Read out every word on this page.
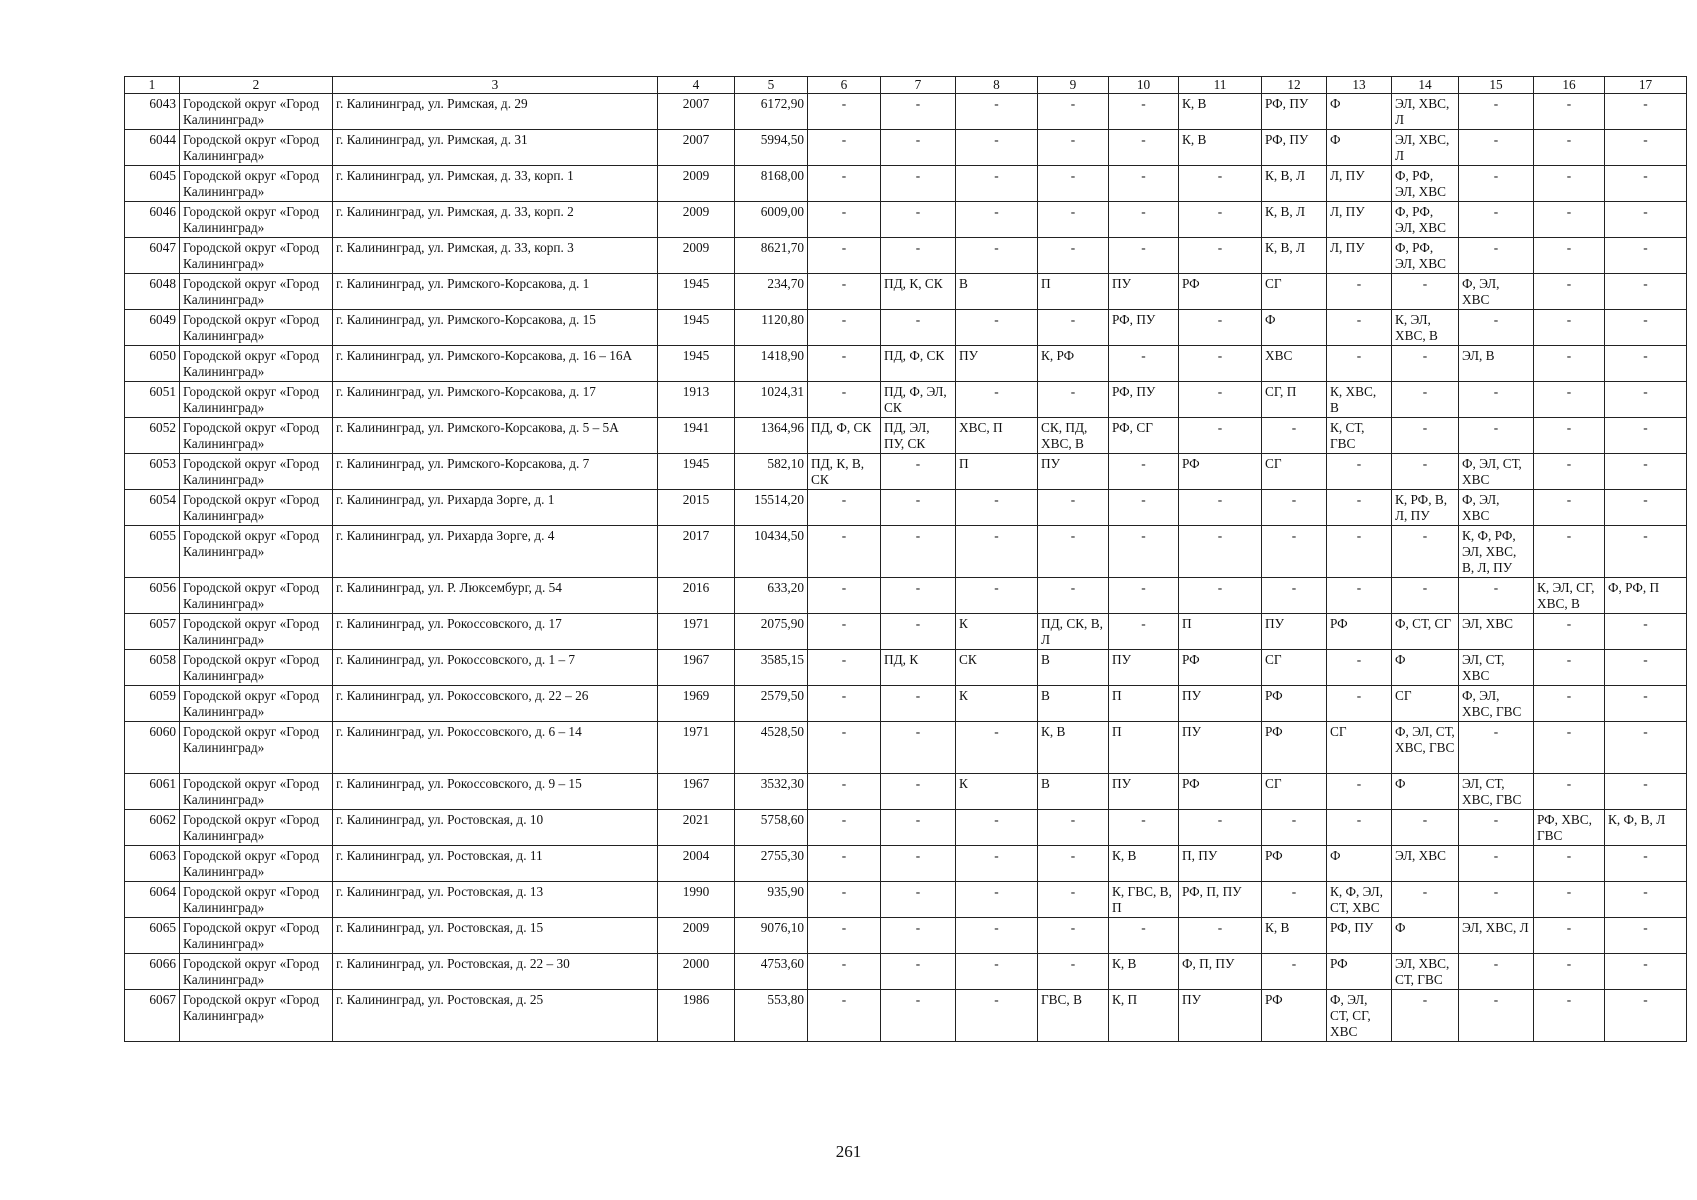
1	2	3	4	5	6	7	8	9	10	11	12	13	14	15	16	17
6043	Городской округ «Город Калининград»	г. Калининград, ул. Римская, д. 29	2007	6172,90	-	-	-	-	-	К, В	РФ, ПУ	Ф	ЭЛ, ХВС, Л	-	-	-
6044	Городской округ «Город Калининград»	г. Калининград, ул. Римская, д. 31	2007	5994,50	-	-	-	-	-	К, В	РФ, ПУ	Ф	ЭЛ, ХВС, Л	-	-	-
6045	Городской округ «Город Калининград»	г. Калининград, ул. Римская, д. 33, корп. 1	2009	8168,00	-	-	-	-	-	-	К, В, Л	Л, ПУ	Ф, РФ, ЭЛ, ХВС	-	-	-
6046	Городской округ «Город Калининград»	г. Калининград, ул. Римская, д. 33, корп. 2	2009	6009,00	-	-	-	-	-	-	К, В, Л	Л, ПУ	Ф, РФ, ЭЛ, ХВС	-	-	-
6047	Городской округ «Город Калининград»	г. Калининград, ул. Римская, д. 33, корп. 3	2009	8621,70	-	-	-	-	-	-	К, В, Л	Л, ПУ	Ф, РФ, ЭЛ, ХВС	-	-	-
6048	Городской округ «Город Калининград»	г. Калининград, ул. Римского-Корсакова, д. 1	1945	234,70	-	ПД, К, СК	В	П	ПУ	РФ	СГ	-	-	Ф, ЭЛ, ХВС	-	-
6049	Городской округ «Город Калининград»	г. Калининград, ул. Римского-Корсакова, д. 15	1945	1120,80	-	-	-	-	РФ, ПУ	-	Ф	-	К, ЭЛ, ХВС, В	-	-	-
6050	Городской округ «Город Калининград»	г. Калининград, ул. Римского-Корсакова, д. 16 – 16А	1945	1418,90	-	ПД, Ф, СК	ПУ	К, РФ	-	-	ХВС	-	-	ЭЛ, В	-	-
6051	Городской округ «Город Калининград»	г. Калининград, ул. Римского-Корсакова, д. 17	1913	1024,31	-	ПД, Ф, ЭЛ, СК	-	-	РФ, ПУ	-	СГ, П	К, ХВС, В	-	-	-	-
6052	Городской округ «Город Калининград»	г. Калининград, ул. Римского-Корсакова, д. 5 – 5А	1941	1364,96	ПД, Ф, СК	ПД, ЭЛ, ПУ, СК	ХВС, П	СК, ПД, ХВС, В	РФ, СГ	-	-	К, СТ, ГВС	-	-	-	-
6053	Городской округ «Город Калининград»	г. Калининград, ул. Римского-Корсакова, д. 7	1945	582,10	ПД, К, В, СК	-	П	ПУ	-	РФ	СГ	-	-	Ф, ЭЛ, СТ, ХВС	-	-
6054	Городской округ «Город Калининград»	г. Калининград, ул. Рихарда Зорге, д. 1	2015	15514,20	-	-	-	-	-	-	-	-	К, РФ, В, Л, ПУ	Ф, ЭЛ, ХВС	-	-
6055	Городской округ «Город Калининград»	г. Калининград, ул. Рихарда Зорге, д. 4	2017	10434,50	-	-	-	-	-	-	-	-	-	К, Ф, РФ, ЭЛ, ХВС, В, Л, ПУ	-	-
6056	Городской округ «Город Калининград»	г. Калининград, ул. Р. Люксембург, д. 54	2016	633,20	-	-	-	-	-	-	-	-	-	-	К, ЭЛ, СГ, ХВС, В	Ф, РФ, П
6057	Городской округ «Город Калининград»	г. Калининград, ул. Рокоссовского, д. 17	1971	2075,90	-	-	К	ПД, СК, В, Л	-	П	ПУ	РФ	Ф, СТ, СГ	ЭЛ, ХВС	-	-
6058	Городской округ «Город Калининград»	г. Калининград, ул. Рокоссовского, д. 1 – 7	1967	3585,15	-	ПД, К	СК	В	ПУ	РФ	СГ	-	Ф	ЭЛ, СТ, ХВС	-	-
6059	Городской округ «Город Калининград»	г. Калининград, ул. Рокоссовского, д. 22 – 26	1969	2579,50	-	-	К	В	П	ПУ	РФ	-	СГ	Ф, ЭЛ, ХВС, ГВС	-	-
6060	Городской округ «Город Калининград»	г. Калининград, ул. Рокоссовского, д. 6 – 14	1971	4528,50	-	-	-	К, В	П	ПУ	РФ	СГ	Ф, ЭЛ, СТ, ХВС, ГВС	-	-	-
6061	Городской округ «Город Калининград»	г. Калининград, ул. Рокоссовского, д. 9 – 15	1967	3532,30	-	-	К	В	ПУ	РФ	СГ	-	Ф	ЭЛ, СТ, ХВС, ГВС	-	-
6062	Городской округ «Город Калининград»	г. Калининград, ул. Ростовская, д. 10	2021	5758,60	-	-	-	-	-	-	-	-	-	-	РФ, ХВС, ГВС	К, Ф, В, Л
6063	Городской округ «Город Калининград»	г. Калининград, ул. Ростовская, д. 11	2004	2755,30	-	-	-	-	К, В	П, ПУ	РФ	Ф	ЭЛ, ХВС	-	-	-
6064	Городской округ «Город Калининград»	г. Калининград, ул. Ростовская, д. 13	1990	935,90	-	-	-	-	К, ГВС, В, П	РФ, П, ПУ	-	К, Ф, ЭЛ, СТ, ХВС	-	-	-	-
6065	Городской округ «Город Калининград»	г. Калининград, ул. Ростовская, д. 15	2009	9076,10	-	-	-	-	-	-	К, В	РФ, ПУ	Ф	ЭЛ, ХВС, Л	-	-
6066	Городской округ «Город Калининград»	г. Калининград, ул. Ростовская, д. 22 – 30	2000	4753,60	-	-	-	-	К, В	Ф, П, ПУ	-	РФ	ЭЛ, ХВС, СТ, ГВС	-	-	-
6067	Городской округ «Город Калининград»	г. Калининград, ул. Ростовская, д. 25	1986	553,80	-	-	-	ГВС, В	К, П	ПУ	РФ	Ф, ЭЛ, СТ, СГ, ХВС	-	-	-	-
261
